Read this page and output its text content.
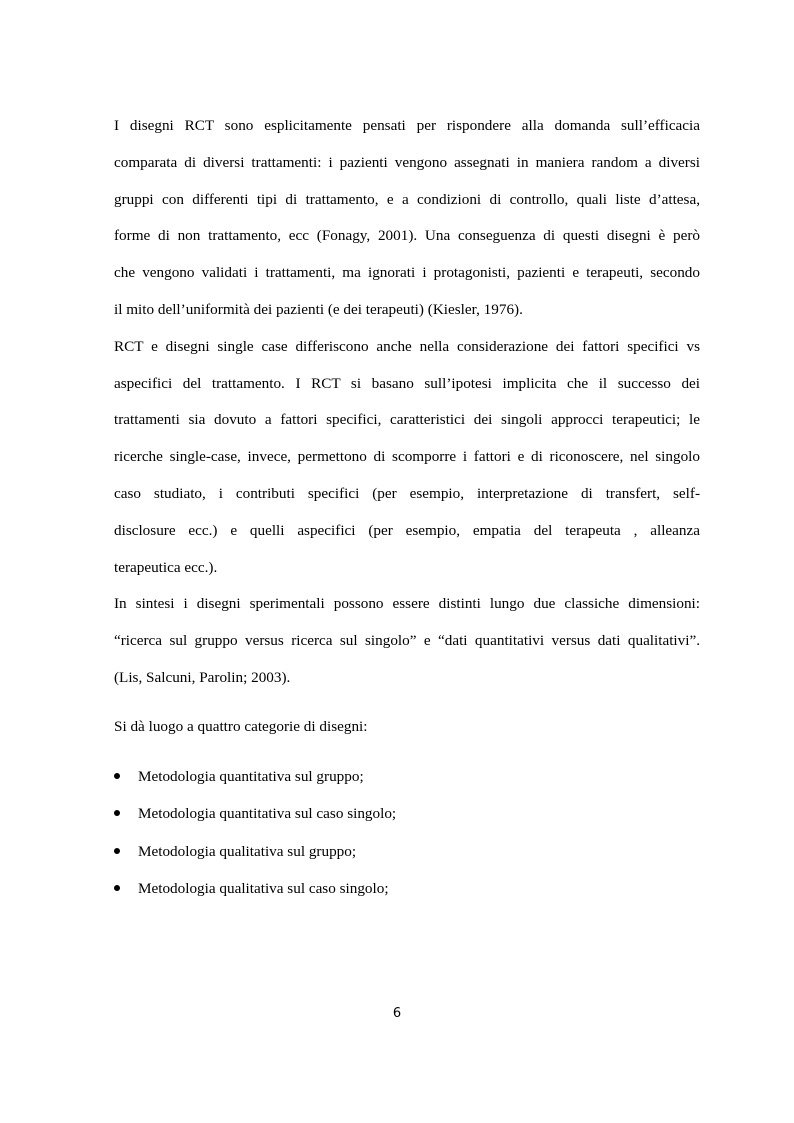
I disegni RCT sono esplicitamente pensati per rispondere alla domanda sull’efficacia
comparata di diversi trattamenti: i pazienti vengono assegnati in maniera random a diversi
gruppi con differenti tipi di trattamento, e a condizioni di controllo, quali liste d’attesa,
forme di non trattamento, ecc (Fonagy, 2001). Una conseguenza di questi disegni è però
che vengono validati i trattamenti, ma ignorati i protagonisti, pazienti e terapeuti, secondo
il mito dell’uniformità dei pazienti (e dei terapeuti) (Kiesler, 1976).
RCT e disegni single case differiscono anche nella considerazione dei fattori specifici vs
aspecifici del trattamento. I RCT si basano sull’ipotesi implicita che il successo dei
trattamenti sia dovuto a fattori specifici, caratteristici dei singoli approcci terapeutici; le
ricerche single-case, invece, permettono di scomporre i fattori e di riconoscere, nel singolo
caso studiato, i contributi specifici (per esempio, interpretazione di transfert, self-
disclosure ecc.) e quelli aspecifici (per esempio, empatia del terapeuta , alleanza
terapeutica ecc.).
In sintesi i disegni sperimentali possono essere distinti lungo due classiche dimensioni:
“ricerca sul gruppo versus ricerca sul singolo” e “dati quantitativi versus dati qualitativi”.
(Lis, Salcuni, Parolin; 2003).
Si dà luogo a quattro categorie di disegni:
Metodologia quantitativa sul gruppo;
Metodologia quantitativa sul caso singolo;
Metodologia qualitativa sul gruppo;
Metodologia qualitativa sul caso singolo;
6
